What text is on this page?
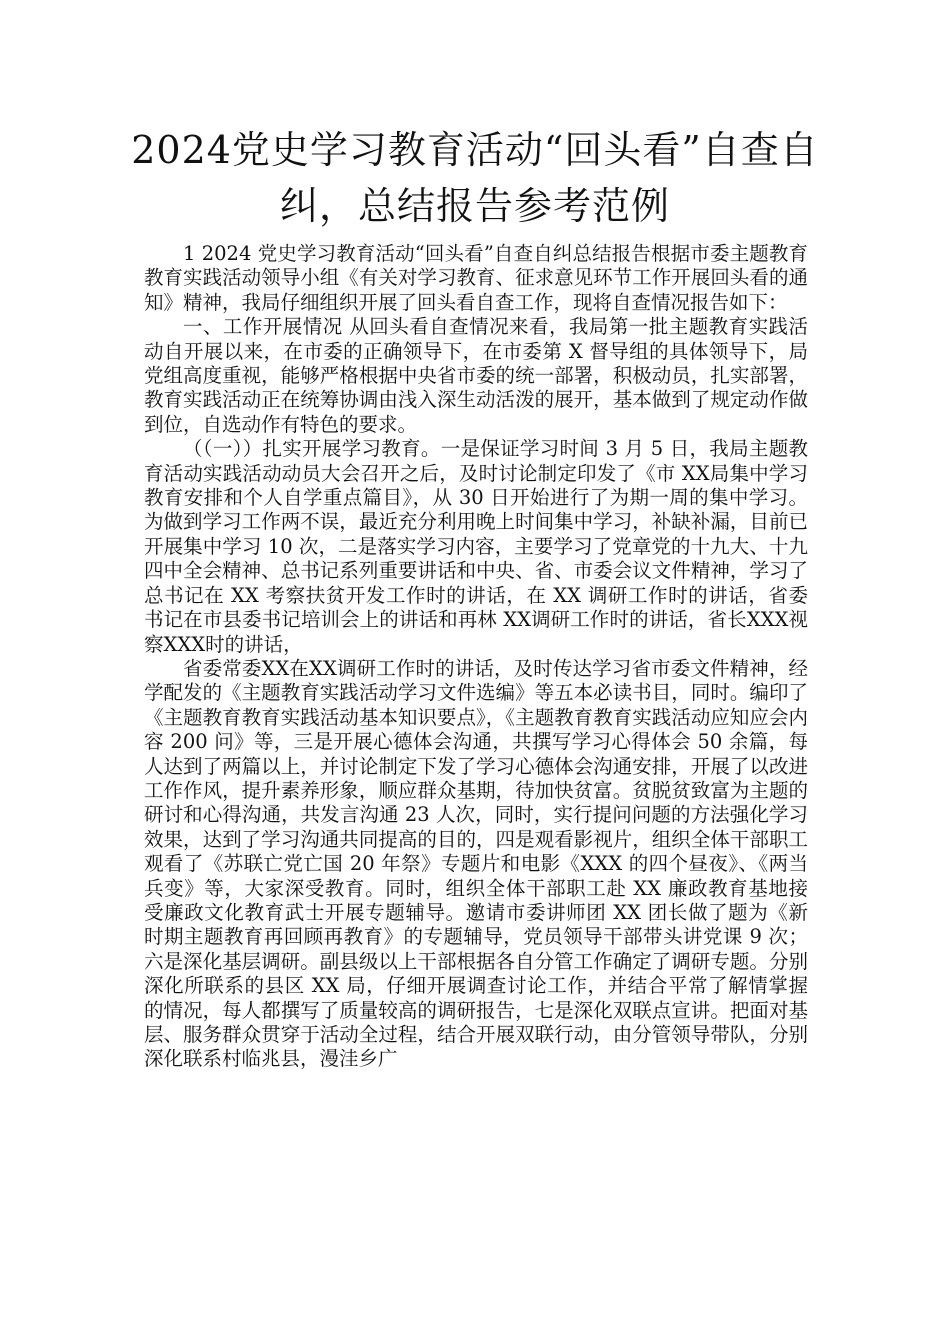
2024党史学习教育活动“回头看”自查自纠，总结报告参考范例

1 2024 党史学习教育活动“回头看”自查自纠总结报告根据市委主题教育教育实践活动领导小组《有关对学习教育、征求意见环节工作开展回头看的通知》精神，我局仔细组织开展了回头看自查工作，现将自查情况报告如下：

一、工作开展情况 从回头看自查情况来看，我局第一批主题教育实践活动自开展以来，在市委的正确领导下，在市委第 X 督导组的具体领导下，局党组高度重视，能够严格根据中央省市委的统一部署，积极动员，扎实部署，教育实践活动正在统筹协调由浅入深生动活泼的展开，基本做到了规定动作做到位，自选动作有特色的要求。

（（一））扎实开展学习教育。一是保证学习时间 3 月 5 日，我局主题教育活动实践活动动员大会召开之后，及时讨论制定印发了《市 XX局集中学习教育安排和个人自学重点篇目》，从 30 日开始进行了为期一周的集中学习。为做到学习工作两不误，最近充分利用晚上时间集中学习，补缺补漏，目前已开展集中学习 10 次，二是落实学习内容，主要学习了党章党的十九大、十九四中全会精神、总书记系列重要讲话和中央、省、市委会议文件精神，学习了总书记在 XX 考察扶贫开发工作时的讲话，在 XX 调研工作时的讲话，省委书记在市县委书记培训会上的讲话和再林 XX调研工作时的讲话，省长XXX视察XXX时的讲话，

省委常委XX在XX调研工作时的讲话，及时传达学习省市委文件精神，经学配发的《主题教育实践活动学习文件选编》等五本必读书目，同时。编印了《主题教育教育实践活动基本知识要点》，《主题教育教育实践活动应知应会内容 200 问》等，三是开展心德体会沟通，共撰写学习心得体会 50 余篇，每人达到了两篇以上，并讨论制定下发了学习心德体会沟通安排，开展了以改进工作作风，提升素养形象，顺应群众基期，待加快贫富。贫脱贫致富为主题的研讨和心得沟通，共发言沟通 23 人次，同时，实行提问问题的方法强化学习效果，达到了学习沟通共同提高的目的，四是观看影视片，组织全体干部职工观看了《苏联亡党亡国 20 年祭》专题片和电影《XXX 的四个昼夜》、《两当兵变》等，大家深受教育。同时，组织全体干部职工赴 XX 廉政教育基地接受廉政文化教育武士开展专题辅导。邀请市委讲师团 XX 团长做了题为《新时期主题教育再回顾再教育》的专题辅导，党员领导干部带头讲党课 9 次；六是深化基层调研。副县级以上干部根据各自分管工作确定了调研专题。分别深化所联系的县区 XX 局，仔细开展调查讨论工作，并结合平常了解情掌握的情况，每人都撰写了质量较高的调研报告，七是深化双联点宣讲。把面对基层、服务群众贯穿于活动全过程，结合开展双联行动，由分管领导带队，分别深化联系村临兆县，漫洼乡广
